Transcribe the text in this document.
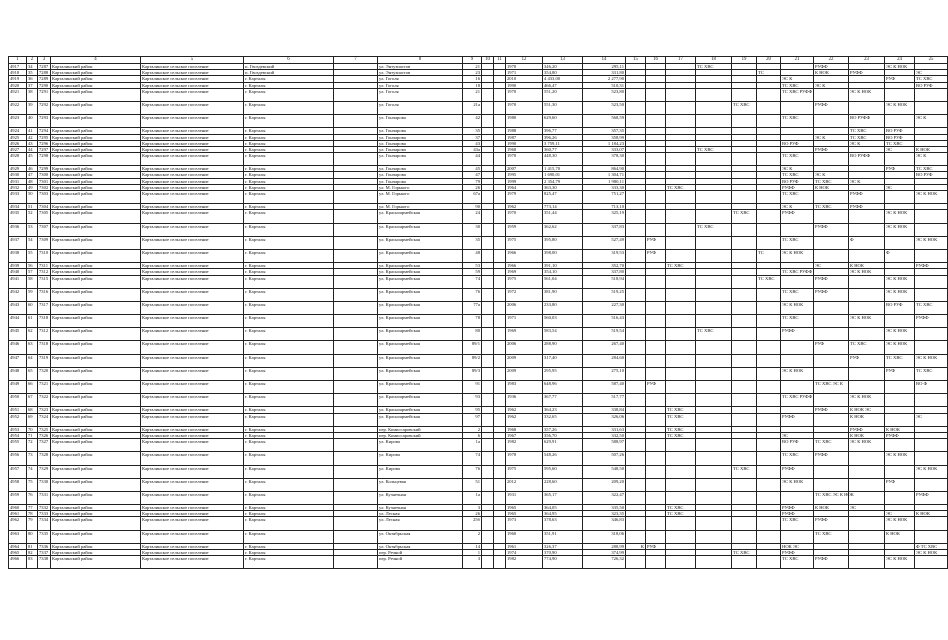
1	2	3	4	5	6	7	8	9	10	11	12	13	14	15	16	17	18	19	20	21	22	23	24	25
4917	34	7287	Карталинский район	Карталинское сельское поселение	п. Гвоздевский		ул. Энтузиастов	21			1970	346,20	295,11				ТС ХВС				РУФФ		ЭС К НОК	
4918	35	7288	Карталинский район	Карталинское сельское поселение	п. Гвоздевский		ул. Энтузиастов	23			1971	354,80	331,80						ТС		К НОК	РУФФ		ЭС
4919	36	7289	Карталинский район	Карталинское сельское поселение	г. Карталы		ул. Гоголя	16			2010	4 433,00	2 277,90							ЭС К			РУФ	ТС ХВС
4920	37	7290	Карталинский район	Карталинское сельское поселение	г. Карталы		ул. Гоголя	18			1990	466,47	510,31							ТС ХВС	ЭС К			ВО РУФ
4921	38	7291	Карталинский район	Карталинское сельское поселение	г. Карталы		ул. Гоголя	21			1970	551,20	523,80							ТС ХВС РУФФ		ЭС К НОК		
4922	39	7292	Карталинский район	Карталинское сельское поселение	г. Карталы		ул. Гоголя	21а			1970	551,30	523,50					ТС ХВС			РУФФ		ЭС К НОК	
4923	40	7293	Карталинский район	Карталинское сельское поселение	г. Карталы		ул. Гончарова	42			1980	629,60	568,59							ТС ХВС		ВО РУФФ		ЭС К
4924	41	7294	Карталинский район	Карталинское сельское поселение	г. Карталы		ул. Гончарова	35			1988	396,77	357,35									ТС ХВС	ВО РУФ	
4925	42	7295	Карталинский район	Карталинское сельское поселение	г. Карталы		ул. Гончарова	37			1987	396,26	358,99								ЭС К	ТС ХВС	ВО РУФ	
4926	43	7296	Карталинский район	Карталинское сельское поселение	г. Карталы		ул. Гончарова	43			1990	3 759,11	1 184,23							ВО РУФ		ЭС К	ТС ХВС	
4927	44	7297	Карталинский район	Карталинское сельское поселение	г. Карталы		ул. Гончарова	43а			1968	360,77	333,07				ТС ХВС				РУФФ		ЭС	К НОК
4928	45	7298	Карталинский район	Карталинское сельское поселение	г. Карталы		ул. Гончарова	44			1970	448,30	378,30							ТС ХВС		ВО РУФФ		ЭС К
4929	46	7299	Карталинский район	Карталинское сельское поселение	г. Карталы		ул. Гончарова	45			2007	1 415,70	864,90							ЭС К			РУФ	ТС ХВС
4930	47	7300	Карталинский район	Карталинское сельское поселение	г. Карталы		ул. Гончарова	47			1995	1 690,01	1 304,71							ТС ХВС	ЭС К			ВО РУФ
4931	48	7301	Карталинский район	Карталинское сельское поселение	г. Карталы		ул. Гончарова	79			1999	2 354,79	1 980,11							ВО РУФ	ТС ХВС	ЭС К		
4932	49	7302	Карталинский район	Карталинское сельское поселение	г. Карталы		ул. М. Горького	26			1964	363,30	333,30			ТС ХВС				РУФФ	К НОК		ЭС	
4933	50	7303	Карталинский район	Карталинское сельское поселение	г. Карталы		ул. М. Горького	67а			1979	825,47	751,27							ТС ХВС		РУФФ		ЭС К НОК
4934	51	7304	Карталинский район	Карталинское сельское поселение	г. Карталы		ул. М. Горького	90			1962	773,14	713,10							ЭС К	ТС ХВС	РУФФ		
4935	52	7305	Карталинский район	Карталинское сельское поселение	г. Карталы		ул. Красноармейская	24			1970	351,44	325,19					ТС ХВС		РУФФ			ЭС К НОК	
4936	53	7307	Карталинский район	Карталинское сельское поселение	г. Карталы		ул. Красноармейская	30			1959	362,62	337,83				ТС ХВС				РУФФ		ЭС К НОК	
4937	54	7309	Карталинский район	Карталинское сельское поселение	г. Карталы		ул. Красноармейская	35			1975	395,80	527,49		РУФ					ТС ХВС		Ф		ЭС К НОК
4938	55	7310	Карталинский район	Карталинское сельское поселение	г. Карталы		ул. Красноармейская	48			1966	398,00	319,53		РУФ				ТС	ЭС К НОК			Ф	
4939	56	7311	Карталинский район	Карталинское сельское поселение	г. Карталы		ул. Красноармейская	53			1966	391,10	352,70			ТС ХВС					ЭС	К НОК		РУФФ
4940	57	7312	Карталинский район	Карталинское сельское поселение	г. Карталы		ул. Красноармейская	59			1969	354,10	337,80							ТС ХВС РУФФ		ЭС К НОК		
4941	58	7315	Карталинский район	Карталинское сельское поселение	г. Карталы		ул. Красноармейская	74			1975	561,04	518,94						ТС ХВС		РУФФ		ЭС К НОК	
4942	59	7316	Карталинский район	Карталинское сельское поселение	г. Карталы		ул. Красноармейская	76			1972	381,90	519,25							ТС ХВС	РУФФ		ЭС К НОК	
4943	60	7317	Карталинский район	Карталинское сельское поселение	г. Карталы		ул. Красноармейская	77а			2006	233,80	227,30							ЭС К НОК			ВО РУФ	ТС ХВС
4944	61	7318	Карталинский район	Карталинское сельское поселение	г. Карталы		ул. Красноармейская	78			1971	560,03	516,43							ТС ХВС		ЭС К НОК		РУФФ
4945	62	7312	Карталинский район	Карталинское сельское поселение	г. Карталы		ул. Красноармейская	80			1969	583,54	519,54				ТС ХВС			РУФФ			ЭС К НОК	
4946	63	7318	Карталинский район	Карталинское сельское поселение	г. Карталы		ул. Красноармейская	89/1			2006	288,90	267,40								РУФ	ТС ХВС	ЭС К НОК	
4947	64	7319	Карталинский район	Карталинское сельское поселение	г. Карталы		ул. Красноармейская	89/2			2009	317,40	284,60									РУФ	ТС ХВС	ЭС К НОК
4948	65	7320	Карталинский район	Карталинское сельское поселение	г. Карталы		ул. Красноармейская	89/3			2009	295,95	275,10							ЭС К НОК			РУФ	ТС ХВС
4949	66	7321	Карталинский район	Карталинское сельское поселение	г. Карталы		ул. Красноармейская	91			1983	648,96	587,40		РУФ						ТС ХВС ЭС К			ВО Ф
4950	67	7322	Карталинский район	Карталинское сельское поселение	г. Карталы		ул. Красноармейская	93			1936	367,77	517,77							ТС ХВС РУФФ		ЭС К НОК		
4951	68	7323	Карталинский район	Карталинское сельское поселение	г. Карталы		ул. Красноармейская	95			1962	364,23	338,84			ТС ХВС					РУФФ	К НОК ЭС		
4952	69	7324	Карталинский район	Карталинское сельское поселение	г. Карталы		ул. Красноармейская	97			1962	332,65	326,06			ТС ХВС				РУФФ		К НОК		ЭС
4953	70	7325	Карталинский район	Карталинское сельское поселение	г. Карталы		пер. Комиссаровский	2			1968	357,26	331,63			ТС ХВС						РУФФ	К НОК	
4954	71	7326	Карталинский район	Карталинское сельское поселение	г. Карталы		пер. Комиссаровский	6			1967	356,70	332,50			ТС ХВС				ЭС		К НОК	РУФФ	
4955	72	7327	Карталинский район	Карталинское сельское поселение	г. Карталы		ул. Кирова	1а			1982	629,91	588,97							ВО РУФ	ТС ХВС	ЭС К НОК		
4956	73	7328	Карталинский район	Карталинское сельское поселение	г. Карталы		ул. Кирова	74			1978	548,26	507,26							ТС ХВС	РУФФ		ЭС К НОК	
4957	74	7329	Карталинский район	Карталинское сельское поселение	г. Карталы		ул. Кирова	76			1975	595,60	548,50					ТС ХВС		РУФФ				ЭС К НОК
4958	75	7330	Карталинский район	Карталинское сельское поселение	г. Карталы		ул. Кольцевая	51			2012	228,60	209,20							ЭС К НОК			РУФ	
4959	76	7331	Карталинский район	Карталинское сельское поселение	г. Карталы		ул. Кузнечная	1а			1931	365,17	322,47								ТС ХВС ЭС К НОК			РУФФ
4960	77	7332	Карталинский район	Карталинское сельское поселение	г. Карталы		ул. Кузнечная	3			1965	364,05	335,50			ТС ХВС				РУФФ	К НОК	ЭС		
4961	78	7333	Карталинский район	Карталинское сельское поселение	г. Карталы		ул. Лесная	26			1965	364,95	323,35			ТС ХВС				РУФФ			ЭС	К НОК
4962	79	7334	Карталинский район	Карталинское сельское поселение	г. Карталы		ул. Лесная	25б			1973	378,63	346,83							ТС ХВС	РУФФ		ЭС К НОК	
4963	80	7335	Карталинский район	Карталинское сельское поселение	г. Карталы		ул. Октябрьская	2			1960	351,91	318,06								ТС ХВС		К НОК	
4964	81	7336	Карталинский район	Карталинское сельское поселение	г. Карталы		ул. Октябрьская	14			1961	326,37	288,99	К	РУФ					НОК ЭС				Ф ТС ХВС
4965	82	7337	Карталинский район	Карталинское сельское поселение	г. Карталы		пер. Речной	1			1974	370,90	374,99					ТС ХВС		РУФФ				ЭС К НОК
4966	83	7338	Карталинский район	Карталинское сельское поселение	г. Карталы		пер. Речной	3			1982	774,90	726,32							ТС ХВС	РУФФ		ЭС К НОК	
